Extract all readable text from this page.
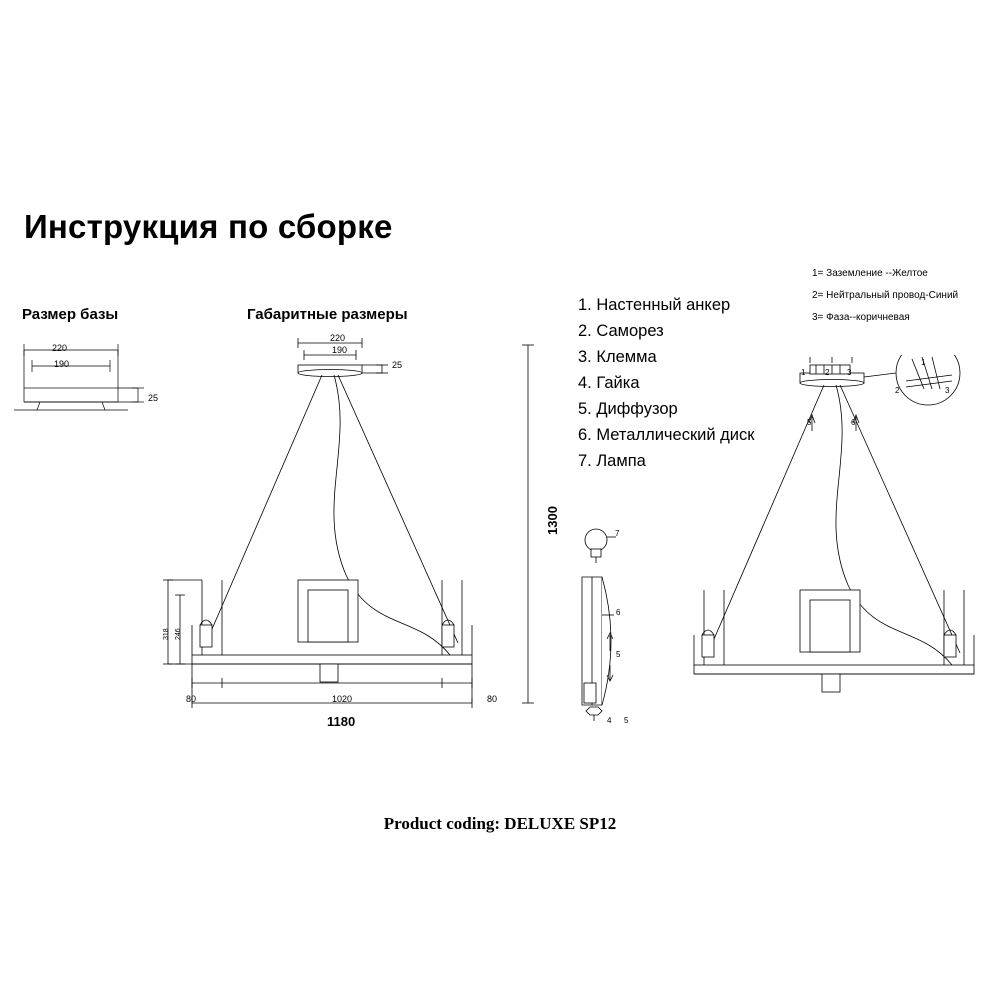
Инструкция по сборке
Размер базы	Габаритные размеры
1. Настенный анкер
2. Саморез
3. Клемма
4. Гайка
5. Диффузор
6. Металлический диск
7. Лампа
1= Заземление --Желтое
2= Нейтральный провод-Синий
3= Фаза--коричневая
220
190
25
220
190
25
1300
318 246
80	1020	80
1180
7
6
5
4 5
1 2 3
1
2	3
5	6
Product coding: DELUXE SP12
